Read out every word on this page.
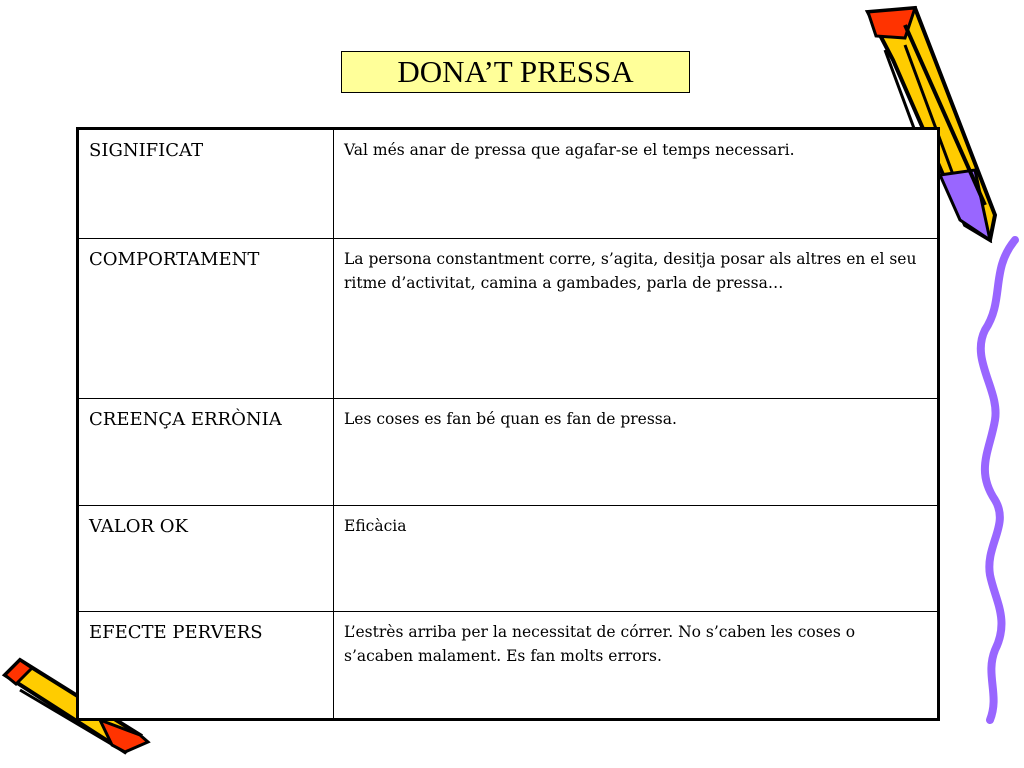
DONA’T PRESSA
SIGNIFICAT	Val més anar de pressa que agafar-se el temps necessari.
COMPORTAMENT	La persona constantment corre, s’agita, desitja posar als altres en el seu ritme d’activitat, camina a gambades, parla de pressa…
CREENÇA ERRÒNIA	Les coses es fan bé quan es fan de pressa.
VALOR OK	Eficàcia
EFECTE PERVERS	L’estrès arriba per la necessitat de córrer. No s’caben les coses o s’acaben malament. Es fan molts errors.
